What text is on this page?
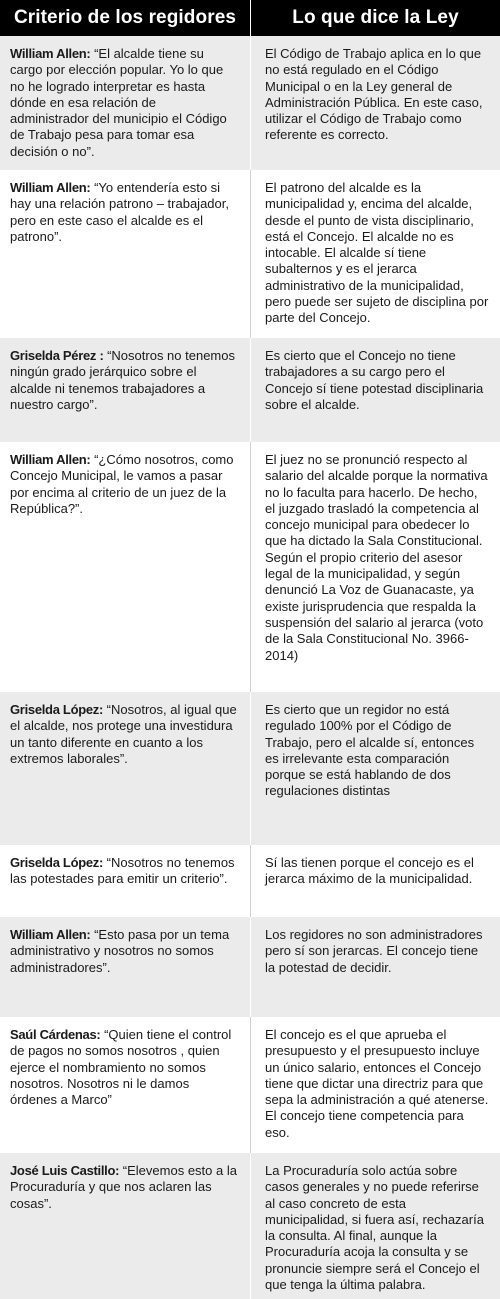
Criterio de los regidores	Lo que dice la Ley
William Allen: “El alcalde tiene su cargo por elección popular. Yo lo que no he logrado interpretar es hasta dónde en esa relación de administrador del municipio el Código de Trabajo pesa para tomar esa decisión o no”.
El Código de Trabajo aplica en lo que no está regulado en el Código Municipal o en la Ley general de Administración Pública. En este caso, utilizar el Código de Trabajo como referente es correcto.
William Allen: “Yo entendería esto si hay una relación patrono – trabajador, pero en este caso el alcalde es el patrono”.
El patrono del alcalde es la municipalidad y, encima del alcalde, desde el punto de vista disciplinario, está el Concejo. El alcalde no es intocable. El alcalde sí tiene subalternos y es el jerarca administrativo de la municipalidad, pero puede ser sujeto de disciplina por parte del Concejo.
Griselda Pérez : “Nosotros no tenemos ningún grado jerárquico sobre el alcalde ni tenemos trabajadores a nuestro cargo”.
Es cierto que el Concejo no tiene trabajadores a su cargo pero el Concejo sí tiene potestad disciplinaria sobre el alcalde.
William Allen: “¿Cómo nosotros, como Concejo Municipal, le vamos a pasar por encima al criterio de un juez de la República?”.
El juez no se pronunció respecto al salario del alcalde porque la normativa no lo faculta para hacerlo. De hecho, el juzgado trasladó la competencia al concejo municipal para obedecer lo que ha dictado la Sala Constitucional. Según el propio criterio del asesor legal de la municipalidad, y según denunció La Voz de Guanacaste, ya existe jurisprudencia que respalda la suspensión del salario al jerarca (voto de la Sala Constitucional No. 3966-2014)
Griselda López: “Nosotros, al igual que el alcalde, nos protege una investidura un tanto diferente en cuanto a los extremos laborales”.
Es cierto que un regidor no está regulado 100% por el Código de Trabajo, pero el alcalde sí, entonces es irrelevante esta comparación porque se está hablando de dos regulaciones distintas
Griselda López: “Nosotros no tenemos las potestades para emitir un criterio”.
Sí las tienen porque el concejo es el jerarca máximo de la municipalidad.
William Allen: “Esto pasa por un tema administrativo y nosotros no somos administradores”.
Los regidores no son administradores pero sí son jerarcas. El concejo tiene la potestad de decidir.
Saúl Cárdenas: “Quien tiene el control de pagos no somos nosotros , quien ejerce el nombramiento no somos nosotros. Nosotros ni le damos órdenes a Marco”
El concejo es el que aprueba el presupuesto y el presupuesto incluye un único salario, entonces el Concejo tiene que dictar una directriz para que sepa la administración a qué atenerse. El concejo tiene competencia para eso.
José Luis Castillo: “Elevemos esto a la Procuraduría y que nos aclaren las cosas”.
La Procuraduría solo actúa sobre casos generales y no puede referirse al caso concreto de esta municipalidad, si fuera así, rechazaría la consulta. Al final, aunque la Procuraduría acoja la consulta y se pronuncie siempre será el Concejo el que tenga la última palabra.
